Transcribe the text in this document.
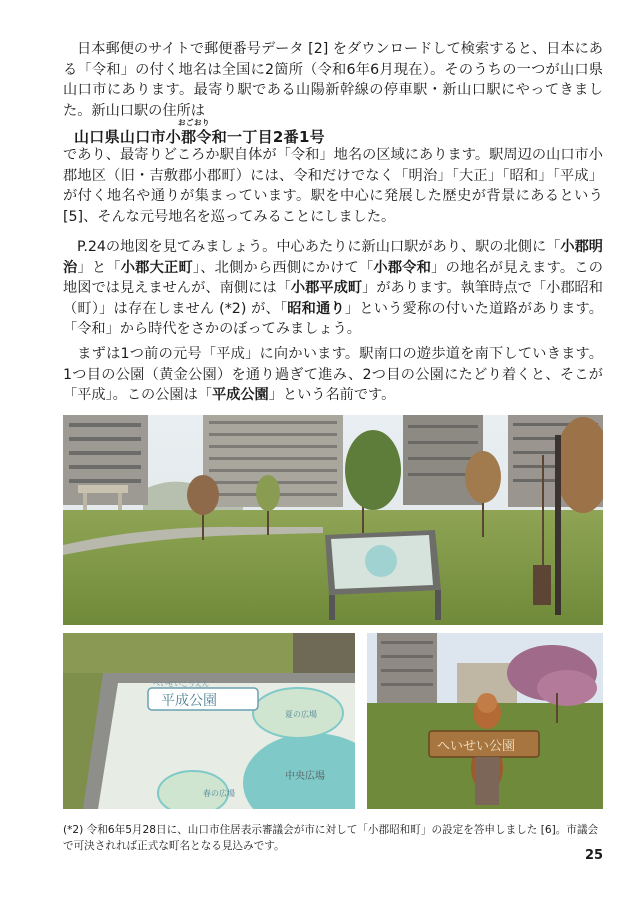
日本郵便のサイトで郵便番号データ [2] をダウンロードして検索すると、日本にある「令和」の付く地名は全国に2箇所（令和6年6月現在）。そのうちの一つが山口県山口市にあります。最寄り駅である山陽新幹線の停車駅・新山口駅にやってきました。新山口駅の住所は

おごおり
山口県山口市小郡令和一丁目2番1号

であり、最寄りどころか駅自体が「令和」地名の区域にあります。駅周辺の山口市小郡地区（旧・吉敷郡小郡町）には、令和だけでなく「明治」「大正」「昭和」「平成」が付く地名や通りが集まっています。駅を中心に発展した歴史が背景にあるという [5]、そんな元号地名を巡ってみることにしました。

P.24の地図を見てみましょう。中心あたりに新山口駅があり、駅の北側に「小郡明治」と「小郡大正町」、北側から西側にかけて「小郡令和」の地名が見えます。この地図では見えませんが、南側には「小郡平成町」があります。執筆時点で「小郡昭和（町）」は存在しません (*2) が、「昭和通り」という愛称の付いた道路があります。「令和」から時代をさかのぼってみましょう。

まずは1つ前の元号「平成」に向かいます。駅南口の遊歩道を南下していきます。1つ目の公園（黄金公園）を通り過ぎて進み、2つ目の公園にたどり着くと、そこが「平成」。この公園は「平成公園」という名前です。

へいせいこうえん
平成公園
夏の広場
中央広場
春の広場
へいせい公園

(*2) 令和6年5月28日に、山口市住居表示審議会が市に対して「小郡昭和町」の設定を答申しました [6]。市議会で可決されれば正式な町名となる見込みです。

25
